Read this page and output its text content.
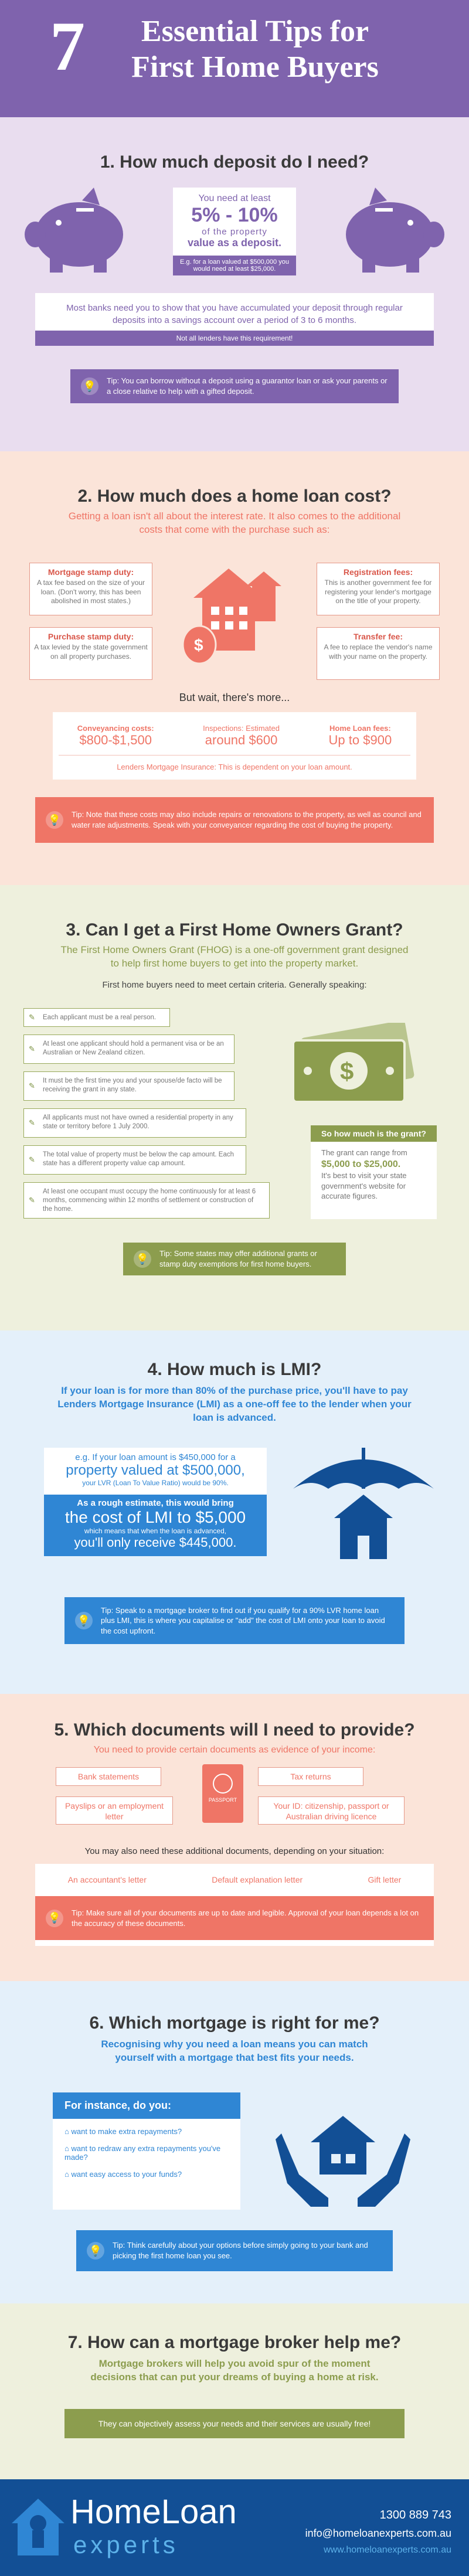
7	Essential Tips for
First Home Buyers
1. How much deposit do I need?
You need at least
5% - 10%
of the property
value as a deposit.
E.g. for a loan valued at $500,000 you would need at least $25,000.
Most banks need you to show that you have accumulated your deposit through regular deposits into a savings account over a period of 3 to 6 months.
Not all lenders have this requirement!
💡 Tip: You can borrow without a deposit using a guarantor loan or ask your parents or a close relative to help with a gifted deposit.
2. How much does a home loan cost?
Getting a loan isn't all about the interest rate. It also comes to the additional costs that come with the purchase such as:
Mortgage stamp duty:
A tax fee based on the size of your loan. (Don't worry, this has been abolished in most states.)
Registration fees:
This is another government fee for registering your lender's mortgage on the title of your property.
Purchase stamp duty:
A tax levied by the state government on all property purchases.
Transfer fee:
A fee to replace the vendor's name with your name on the property.
$
But wait, there's more...
Conveyancing costs:
$800-$1,500
Inspections: Estimated
around $600
Home Loan fees:
Up to $900
Lenders Mortgage Insurance: This is dependent on your loan amount.
💡 Tip: Note that these costs may also include repairs or renovations to the property, as well as council and water rate adjustments. Speak with your conveyancer regarding the cost of buying the property.
3. Can I get a First Home Owners Grant?
The First Home Owners Grant (FHOG) is a one-off government grant designed to help first home buyers to get into the property market.
First home buyers need to meet certain criteria. Generally speaking:
✎ Each applicant must be a real person.
✎ At least one applicant should hold a permanent visa or be an Australian or New Zealand citizen.
✎ It must be the first time you and your spouse/de facto will be receiving the grant in any state.
✎ All applicants must not have owned a residential property in any state or territory before 1 July 2000.
✎ The total value of property must be below the cap amount. Each state has a different property value cap amount.
✎ At least one occupant must occupy the home continuously for at least 6 months, commencing within 12 months of settlement or construction of the home.
$
So how much is the grant?
The grant can range from
$5,000 to $25,000.
It's best to visit your state government's website for accurate figures.
💡 Tip: Some states may offer additional grants or stamp duty exemptions for first home buyers.
4. How much is LMI?
If your loan is for more than 80% of the purchase price, you'll have to pay Lenders Mortgage Insurance (LMI) as a one-off fee to the lender when your loan is advanced.
e.g. If your loan amount is $450,000 for a
property valued at $500,000,
your LVR (Loan To Value Ratio) would be 90%.
As a rough estimate, this would bring
the cost of LMI to $5,000
which means that when the loan is advanced,
you'll only receive $445,000.
💡
Tip: Speak to a mortgage broker to find out if you qualify for a 90% LVR home loan plus LMI, this is where you capitalise or "add" the cost of LMI onto your loan to avoid the cost upfront.
5. Which documents will I need to provide?
You need to provide certain documents as evidence of your income:
Bank statements	Tax returns
Payslips or an employment letter
Your ID: citizenship, passport or Australian driving licence
PASSPORT
You may also need these additional documents, depending on your situation:
An accountant's letter	Default explanation letter	Gift letter
💡 Tip: Make sure all of your documents are up to date and legible. Approval of your loan depends a lot on the accuracy of these documents.
6. Which mortgage is right for me?
Recognising why you need a loan means you can match yourself with a mortgage that best fits your needs.
For instance, do you:
⌂ want to make extra repayments?
⌂ want to redraw any extra repayments you've made?
⌂ want easy access to your funds?
💡 Tip: Think carefully about your options before simply going to your bank and picking the first home loan you see.
7. How can a mortgage broker help me?
Mortgage brokers will help you avoid spur of the moment decisions that can put your dreams of buying a home at risk.
They can objectively assess your needs and their services are usually free!
HomeLoan
experts
1300 889 743
info@homeloanexperts.com.au
www.homeloanexperts.com.au
